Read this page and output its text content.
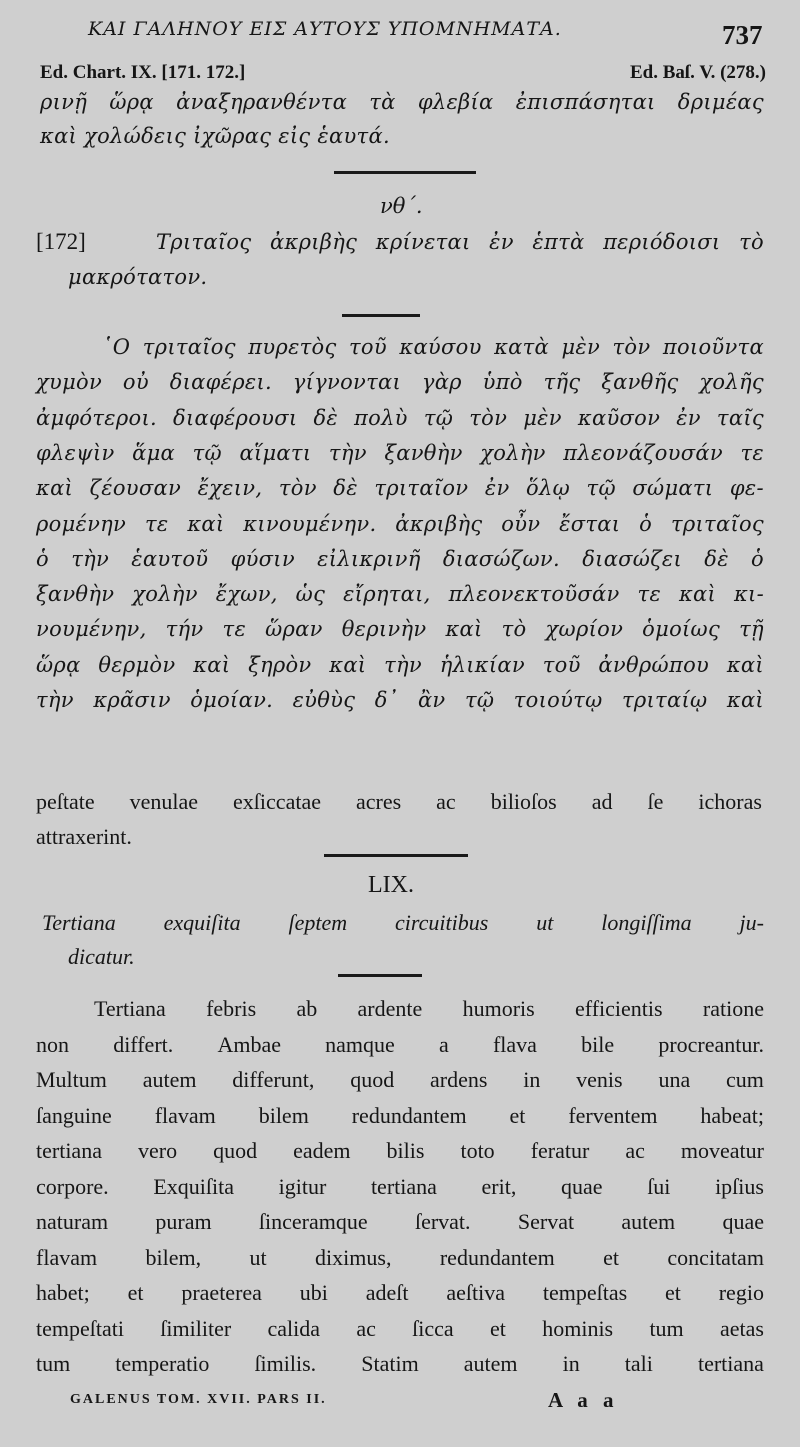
ΚΑΙ ΓΑΛΗΝΟΥ ΕΙΣ ΑΥΤΟΥΣ ΥΠΟΜΝΗΜΑΤΑ.	737
Ed. Chart. IX. [171. 172.]	Ed. Baſ. V. (278.)
ρινῇ ὥρᾳ ἀναξηρανθέντα τὰ φλεβία ἐπισπάσηται δριμέας
καὶ χολώδεις ἰχῶρας εἰς ἑαυτά.
νθ΄.
[172]	Τριταῖος ἀκριβὴς κρίνεται ἐν ἑπτὰ περιόδοισι τὸ
μακρότατον.
῾Ο τριταῖος πυρετὸς τοῦ καύσου κατὰ μὲν τὸν ποιοῦντα
χυμὸν οὐ διαφέρει. γίγνονται γὰρ ὑπὸ τῆς ξανθῆς χολῆς
ἀμφότεροι. διαφέρουσι δὲ πολὺ τῷ τὸν μὲν καῦσον ἐν ταῖς
φλεψὶν ἅμα τῷ αἵματι τὴν ξανθὴν χολὴν πλεονάζουσάν τε
καὶ ζέουσαν ἔχειν, τὸν δὲ τριταῖον ἐν ὅλῳ τῷ σώματι φε-
ρομένην τε καὶ κινουμένην. ἀκριβὴς οὖν ἔσται ὁ τριταῖος
ὁ τὴν ἑαυτοῦ φύσιν εἰλικρινῆ διασώζων. διασώζει δὲ ὁ
ξανθὴν χολὴν ἔχων, ὡς εἴρηται, πλεονεκτοῦσάν τε καὶ κι-
νουμένην, τήν τε ὥραν θερινὴν καὶ τὸ χωρίον ὁμοίως τῇ
ὥρᾳ θερμὸν καὶ ξηρὸν καὶ τὴν ἡλικίαν τοῦ ἀνθρώπου καὶ
τὴν κρᾶσιν ὁμοίαν. εὐθὺς δ᾽ ἂν τῷ τοιούτῳ τριταίῳ καὶ
peſtate venulae exſiccatae acres ac bilioſos ad ſe ichoras
attraxerint.
LIX.
Tertiana exquiſita ſeptem circuitibus ut longiſſima ju-
dicatur.
Tertiana febris ab ardente humoris efficientis ratione
non differt. Ambae namque a flava bile procreantur.
Multum autem differunt, quod ardens in venis una cum
ſanguine flavam bilem redundantem et ferventem habeat;
tertiana vero quod eadem bilis toto feratur ac moveatur
corpore. Exquiſita igitur tertiana erit, quae ſui ipſius
naturam puram ſinceramque ſervat. Servat autem quae
flavam bilem, ut diximus, redundantem et concitatam
habet; et praeterea ubi adeſt aeſtiva tempeſtas et regio
tempeſtati ſimiliter calida ac ſicca et hominis tum aetas
tum temperatio ſimilis. Statim autem in tali tertiana
GALENUS TOM. XVII. PARS II.	A a a
